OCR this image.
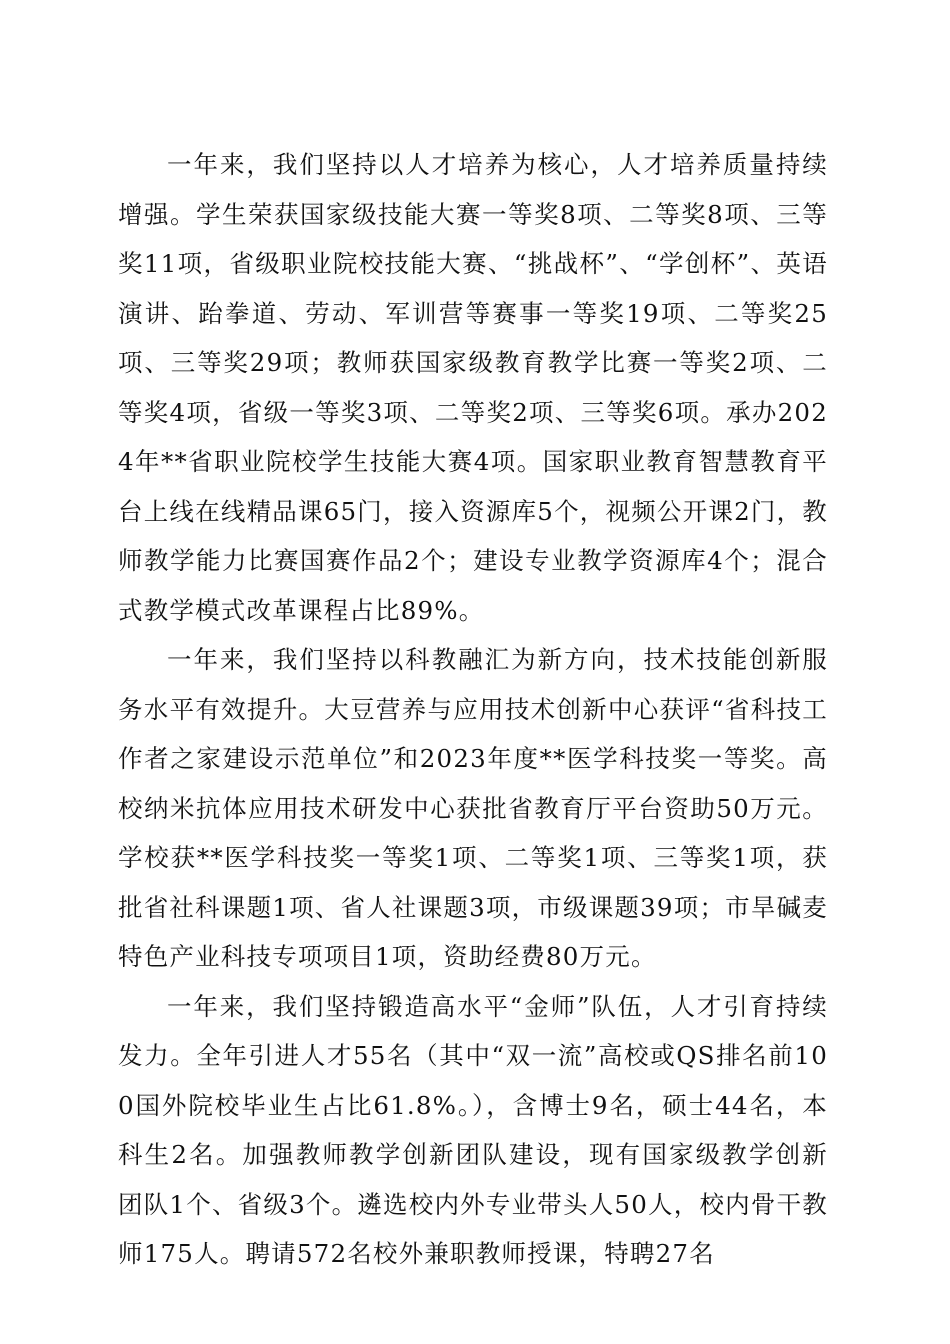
一年来，我们坚持以人才培养为核心，人才培养质量持续增强。学生荣获国家级技能大赛一等奖8项、二等奖8项、三等奖11项，省级职业院校技能大赛、“挑战杯”、“学创杯”、英语演讲、跆拳道、劳动、军训营等赛事一等奖19项、二等奖25项、三等奖29项；教师获国家级教育教学比赛一等奖2项、二等奖4项，省级一等奖3项、二等奖2项、三等奖6项。承办2024年**省职业院校学生技能大赛4项。国家职业教育智慧教育平台上线在线精品课65门，接入资源库5个，视频公开课2门，教师教学能力比赛国赛作品2个；建设专业教学资源库4个；混合式教学模式改革课程占比89%。

一年来，我们坚持以科教融汇为新方向，技术技能创新服务水平有效提升。大豆营养与应用技术创新中心获评“省科技工作者之家建设示范单位”和2023年度**医学科技奖一等奖。高校纳米抗体应用技术研发中心获批省教育厅平台资助50万元。学校获**医学科技奖一等奖1项、二等奖1项、三等奖1项，获批省社科课题1项、省人社课题3项，市级课题39项；市旱碱麦特色产业科技专项项目1项，资助经费80万元。

一年来，我们坚持锻造高水平“金师”队伍，人才引育持续发力。全年引进人才55名（其中“双一流”高校或QS排名前100国外院校毕业生占比61.8%。），含博士9名，硕士44名，本科生2名。加强教师教学创新团队建设，现有国家级教学创新团队1个、省级3个。遴选校内外专业带头人50人，校内骨干教师175人。聘请572名校外兼职教师授课，特聘27名
